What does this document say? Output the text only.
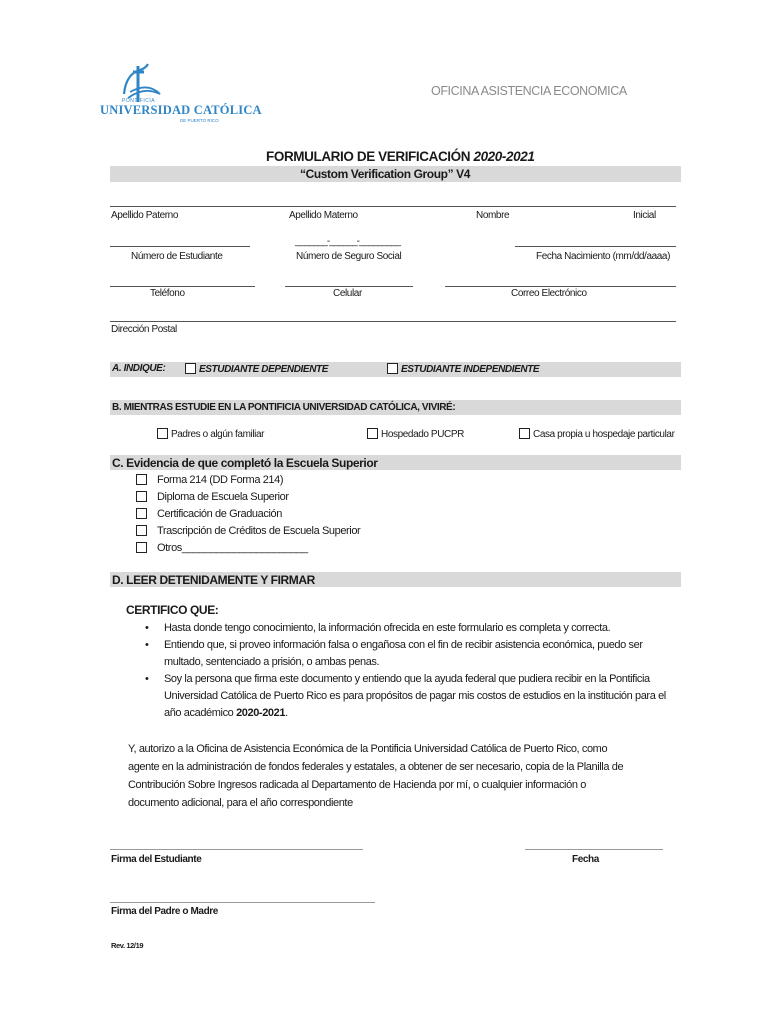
PONTIFICIA
UNIVERSIDAD CATÓLICA
DE PUERTO RICO
OFICINA ASISTENCIA ECONOMICA
FORMULARIO DE VERIFICACIÓN 2020-2021
“Custom Verification Group” V4
Apellido Paterno	Apellido Materno	Nombre	Inicial
_______-______-_________
Número de Estudiante	Número de Seguro Social	Fecha Nacimiento (mm/dd/aaaa)
Teléfono	Celular	Correo Electrónico
Dirección Postal
A. INDIQUE:	ESTUDIANTE DEPENDIENTE	ESTUDIANTE INDEPENDIENTE
B. MIENTRAS ESTUDIE EN LA PONTIFICIA UNIVERSIDAD CATÓLICA, VIVIRÉ:
Padres o algún familiar	Hospedado PUCPR	Casa propia u hospedaje particular
C. Evidencia de que completó la Escuela Superior
Forma 214 (DD Forma 214)
Diploma de Escuela Superior
Certificación de Graduación
Trascripción de Créditos de Escuela Superior
Otros______________________
D. LEER DETENIDAMENTE Y FIRMAR
CERTIFICO QUE:
• Hasta donde tengo conocimiento, la información ofrecida en este formulario es completa y correcta.
• Entiendo que, si proveo información falsa o engañosa con el fin de recibir asistencia económica, puedo ser multado, sentenciado a prisión, o ambas penas.
• Soy la persona que firma este documento y entiendo que la ayuda federal que pudiera recibir en la Pontificia Universidad Católica de Puerto Rico es para propósitos de pagar mis costos de estudios en la institución para el año académico 2020-2021.
Y, autorizo a la Oficina de Asistencia Económica de la Pontificia Universidad Católica de Puerto Rico, como agente en la administración de fondos federales y estatales, a obtener de ser necesario, copia de la Planilla de Contribución Sobre Ingresos radicada al Departamento de Hacienda por mí, o cualquier información o documento adicional, para el año correspondiente
Firma del Estudiante	Fecha
Firma del Padre o Madre
Rev. 12/19
